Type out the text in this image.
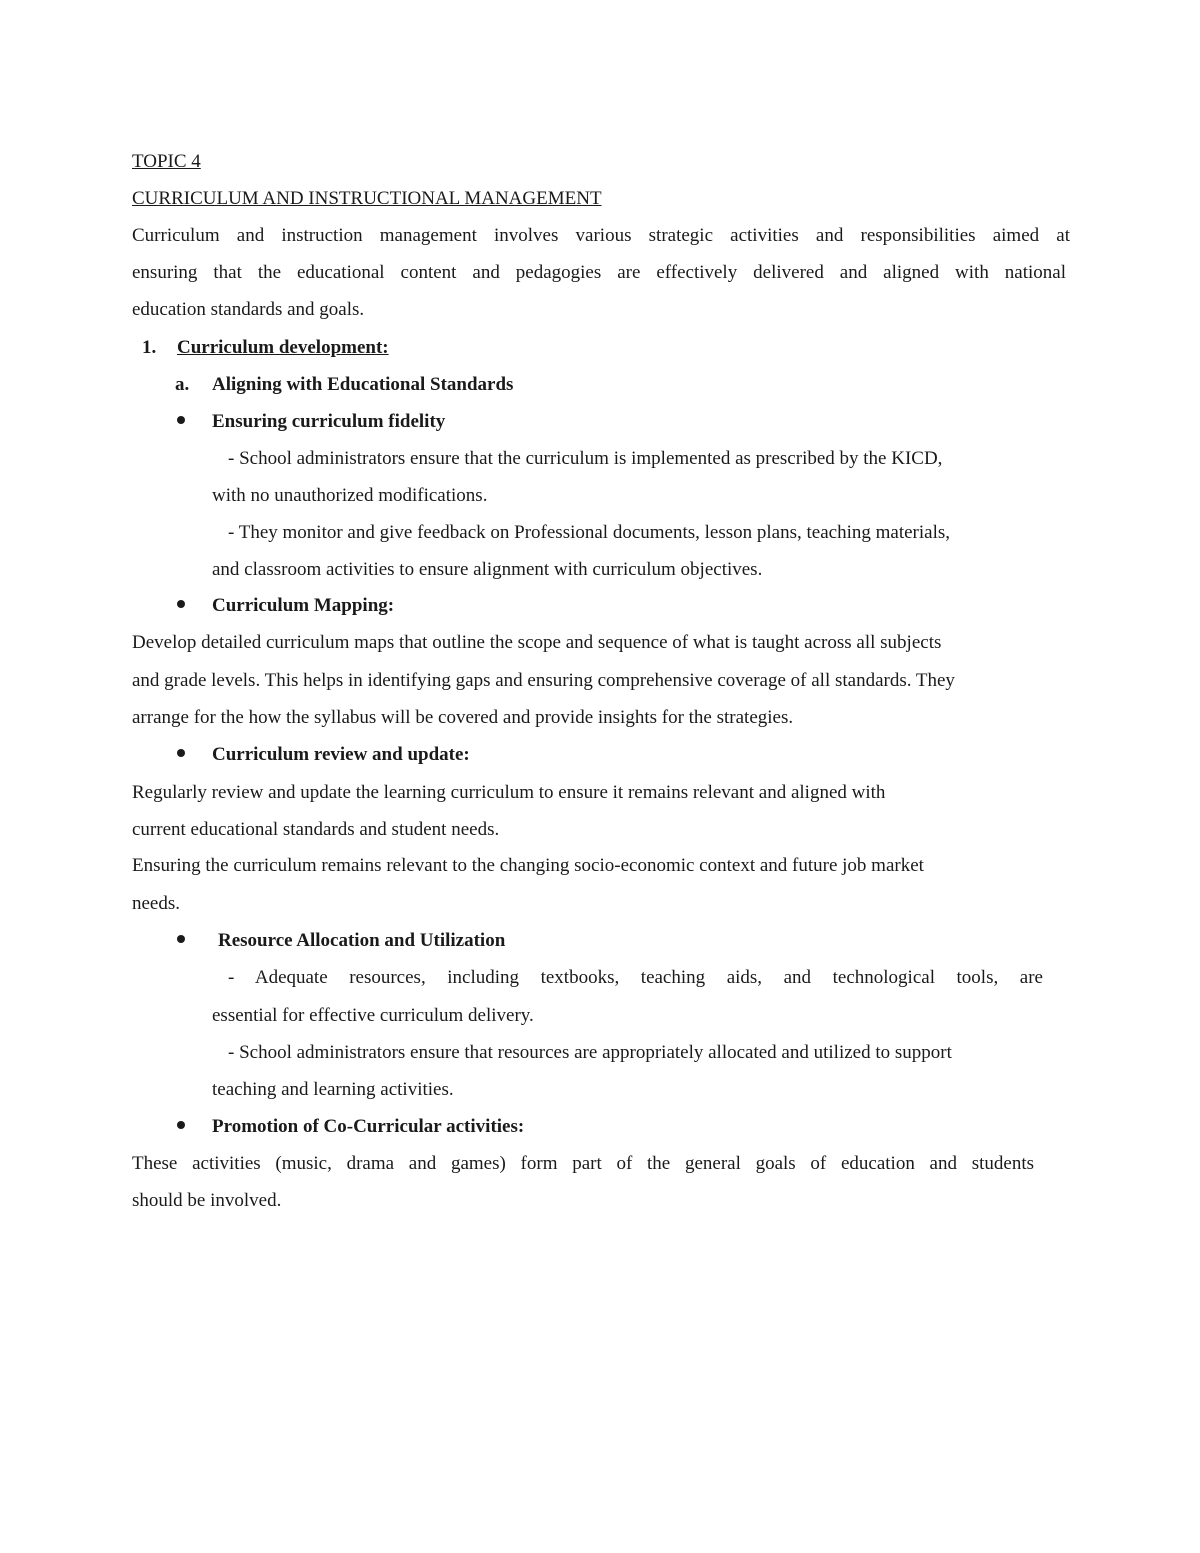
TOPIC 4
CURRICULUM AND INSTRUCTIONAL MANAGEMENT
Curriculum and instruction management involves various strategic activities and responsibilities aimed at
ensuring that the educational content and pedagogies are effectively delivered and aligned with national
education standards and goals.
1. Curriculum development:
a. Aligning with Educational Standards
Ensuring curriculum fidelity
- School administrators ensure that the curriculum is implemented as prescribed by the KICD,
with no unauthorized modifications.
- They monitor and give feedback on Professional documents, lesson plans, teaching materials,
and classroom activities to ensure alignment with curriculum objectives.
Curriculum Mapping:
Develop detailed curriculum maps that outline the scope and sequence of what is taught across all subjects
and grade levels. This helps in identifying gaps and ensuring comprehensive coverage of all standards. They
arrange for the how the syllabus will be covered and provide insights for the strategies.
Curriculum review and update:
Regularly review and update the learning curriculum to ensure it remains relevant and aligned with
current educational standards and student needs.
Ensuring the curriculum remains relevant to the changing socio-economic context and future job market
needs.
Resource Allocation and Utilization
- Adequate resources, including textbooks, teaching aids, and technological tools, are
essential for effective curriculum delivery.
- School administrators ensure that resources are appropriately allocated and utilized to support
teaching and learning activities.
Promotion of Co-Curricular activities:
These activities (music, drama and games) form part of the general goals of education and students
should be involved.
